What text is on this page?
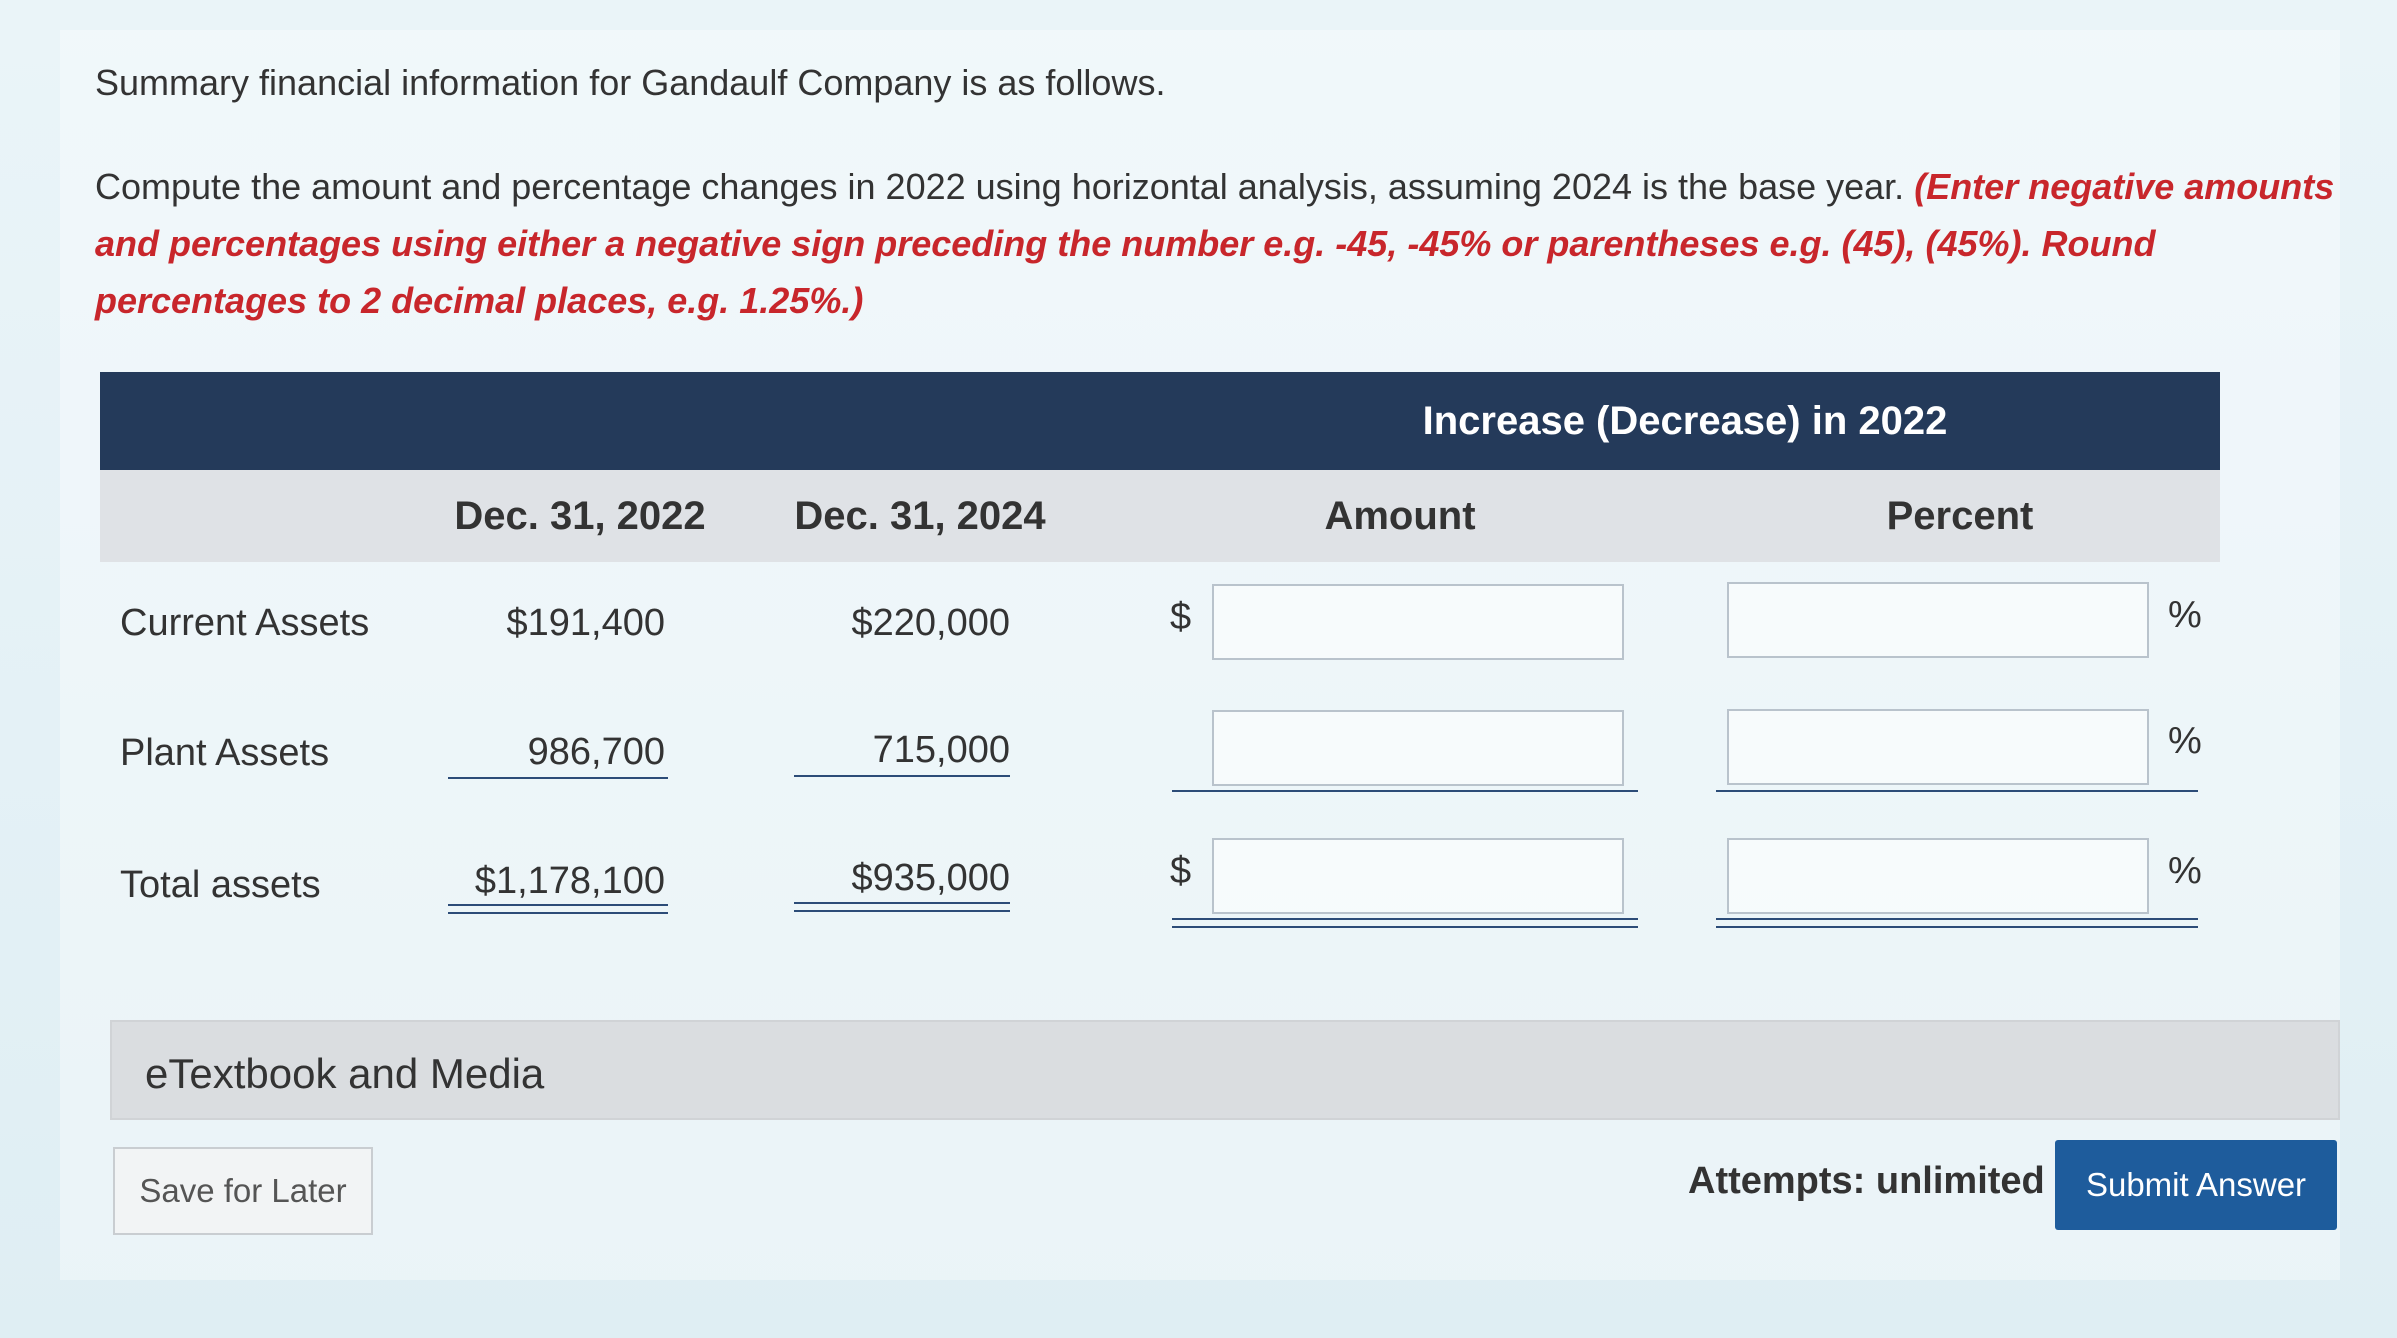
Summary financial information for Gandaulf Company is as follows.
Compute the amount and percentage changes in 2022 using horizontal analysis, assuming 2024 is the base year. (Enter negative amounts and percentages using either a negative sign preceding the number e.g. -45, -45% or parentheses e.g. (45), (45%). Round percentages to 2 decimal places, e.g. 1.25%.)
Increase (Decrease) in 2022
Dec. 31, 2022	Dec. 31, 2024	Amount	Percent
Current Assets	$191,400	$220,000	$	%
Plant Assets	986,700	715,000	%
Total assets	$1,178,100	$935,000	$	%
eTextbook and Media
Save for Later	Attempts: unlimited	Submit Answer
